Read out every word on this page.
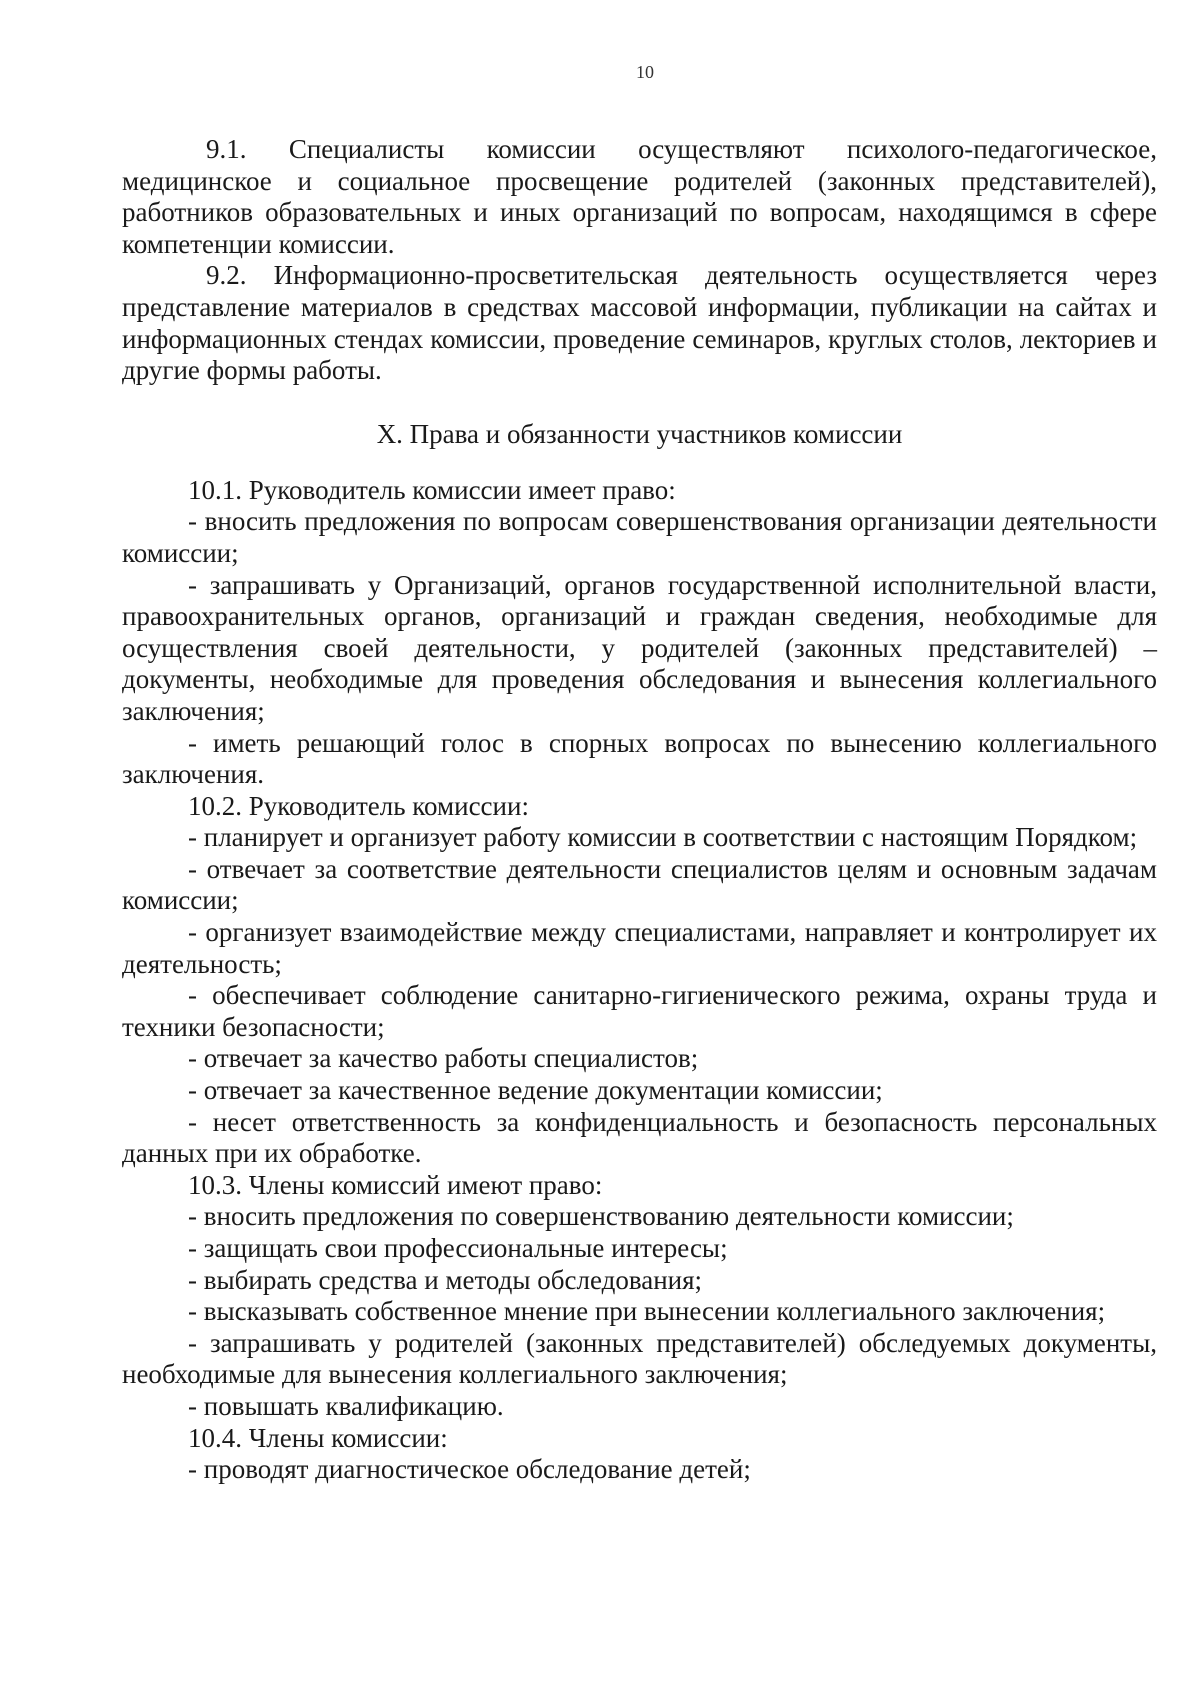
10

9.1. Специалисты комиссии осуществляют психолого-педагогическое, медицинское и социальное просвещение родителей (законных представителей), работников образовательных и иных организаций по вопросам, находящимся в сфере компетенции комиссии.

9.2. Информационно-просветительская деятельность осуществляется через представление материалов в средствах массовой информации, публикации на сайтах и информационных стендах комиссии, проведение семинаров, круглых столов, лекториев и другие формы работы.

X. Права и обязанности участников комиссии

10.1. Руководитель комиссии имеет право:

- вносить предложения по вопросам совершенствования организации деятельности комиссии;

- запрашивать у Организаций, органов государственной исполнительной власти, правоохранительных органов, организаций и граждан сведения, необходимые для осуществления своей деятельности, у родителей (законных представителей) – документы, необходимые для проведения обследования и вынесения коллегиального заключения;

- иметь решающий голос в спорных вопросах по вынесению коллегиального заключения.

10.2. Руководитель комиссии:

- планирует и организует работу комиссии в соответствии с настоящим Порядком;

- отвечает за соответствие деятельности специалистов целям и основным задачам комиссии;

- организует взаимодействие между специалистами, направляет и контролирует их деятельность;

- обеспечивает соблюдение санитарно-гигиенического режима, охраны труда и техники безопасности;

- отвечает за качество работы специалистов;

- отвечает за качественное ведение документации комиссии;

- несет ответственность за конфиденциальность и безопасность персональных данных при их обработке.

10.3. Члены комиссий имеют право:

- вносить предложения по совершенствованию деятельности комиссии;

- защищать свои профессиональные интересы;

- выбирать средства и методы обследования;

- высказывать собственное мнение при вынесении коллегиального заключения;

- запрашивать у родителей (законных представителей) обследуемых документы, необходимые для вынесения коллегиального заключения;

- повышать квалификацию.

10.4. Члены комиссии:

- проводят диагностическое обследование детей;
